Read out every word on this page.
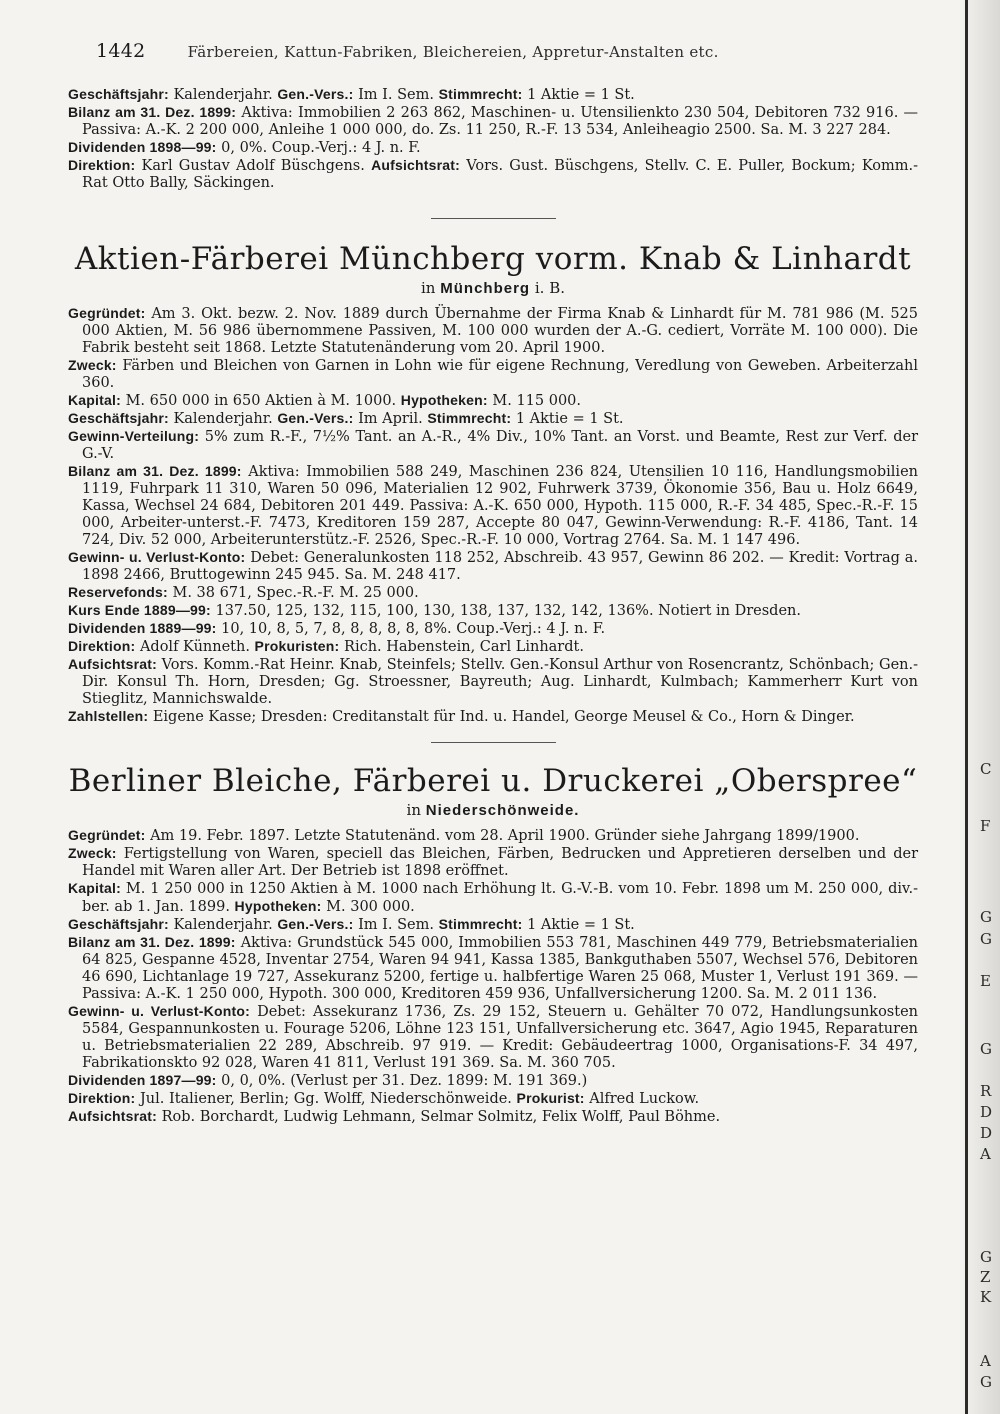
C
F
G
G
E
G
R
D
D
A
G
Z
K
A
G
1442	Färbereien, Kattun-Fabriken, Bleichereien, Appretur-Anstalten etc.

Geschäftsjahr: Kalenderjahr. Gen.-Vers.: Im I. Sem. Stimmrecht: 1 Aktie = 1 St.

Bilanz am 31. Dez. 1899: Aktiva: Immobilien 2 263 862, Maschinen- u. Utensilienkto 230 504, Debitoren 732 916. — Passiva: A.-K. 2 200 000, Anleihe 1 000 000, do. Zs. 11 250, R.-F. 13 534, Anleiheagio 2500. Sa. M. 3 227 284.

Dividenden 1898—99: 0, 0%. Coup.-Verj.: 4 J. n. F.

Direktion: Karl Gustav Adolf Büschgens. Aufsichtsrat: Vors. Gust. Büschgens, Stellv. C. E. Puller, Bockum; Komm.-Rat Otto Bally, Säckingen.

Aktien-Färberei Münchberg vorm. Knab & Linhardt
in Münchberg i. B.

Gegründet: Am 3. Okt. bezw. 2. Nov. 1889 durch Übernahme der Firma Knab & Linhardt für M. 781 986 (M. 525 000 Aktien, M. 56 986 übernommene Passiven, M. 100 000 wurden der A.-G. cediert, Vorräte M. 100 000). Die Fabrik besteht seit 1868. Letzte Statutenänderung vom 20. April 1900.

Zweck: Färben und Bleichen von Garnen in Lohn wie für eigene Rechnung, Veredlung von Geweben. Arbeiterzahl 360.

Kapital: M. 650 000 in 650 Aktien à M. 1000. Hypotheken: M. 115 000.

Geschäftsjahr: Kalenderjahr. Gen.-Vers.: Im April. Stimmrecht: 1 Aktie = 1 St.

Gewinn-Verteilung: 5% zum R.-F., 7½% Tant. an A.-R., 4% Div., 10% Tant. an Vorst. und Beamte, Rest zur Verf. der G.-V.

Bilanz am 31. Dez. 1899: Aktiva: Immobilien 588 249, Maschinen 236 824, Utensilien 10 116, Handlungsmobilien 1119, Fuhrpark 11 310, Waren 50 096, Materialien 12 902, Fuhrwerk 3739, Ökonomie 356, Bau u. Holz 6649, Kassa, Wechsel 24 684, Debitoren 201 449. Passiva: A.-K. 650 000, Hypoth. 115 000, R.-F. 34 485, Spec.-R.-F. 15 000, Arbeiter-unterst.-F. 7473, Kreditoren 159 287, Accepte 80 047, Gewinn-Verwendung: R.-F. 4186, Tant. 14 724, Div. 52 000, Arbeiterunterstütz.-F. 2526, Spec.-R.-F. 10 000, Vortrag 2764. Sa. M. 1 147 496.

Gewinn- u. Verlust-Konto: Debet: Generalunkosten 118 252, Abschreib. 43 957, Gewinn 86 202. — Kredit: Vortrag a. 1898 2466, Bruttogewinn 245 945. Sa. M. 248 417.

Reservefonds: M. 38 671, Spec.-R.-F. M. 25 000.

Kurs Ende 1889—99: 137.50, 125, 132, 115, 100, 130, 138, 137, 132, 142, 136%. Notiert in Dresden.

Dividenden 1889—99: 10, 10, 8, 5, 7, 8, 8, 8, 8, 8, 8%. Coup.-Verj.: 4 J. n. F.

Direktion: Adolf Künneth. Prokuristen: Rich. Habenstein, Carl Linhardt.

Aufsichtsrat: Vors. Komm.-Rat Heinr. Knab, Steinfels; Stellv. Gen.-Konsul Arthur von Rosencrantz, Schönbach; Gen.-Dir. Konsul Th. Horn, Dresden; Gg. Stroessner, Bayreuth; Aug. Linhardt, Kulmbach; Kammerherr Kurt von Stieglitz, Mannichswalde.

Zahlstellen: Eigene Kasse; Dresden: Creditanstalt für Ind. u. Handel, George Meusel & Co., Horn & Dinger.

Berliner Bleiche, Färberei u. Druckerei „Oberspree“
in Niederschönweide.

Gegründet: Am 19. Febr. 1897. Letzte Statutenänd. vom 28. April 1900. Gründer siehe Jahrgang 1899/1900.

Zweck: Fertigstellung von Waren, speciell das Bleichen, Färben, Bedrucken und Appretieren derselben und der Handel mit Waren aller Art. Der Betrieb ist 1898 eröffnet.

Kapital: M. 1 250 000 in 1250 Aktien à M. 1000 nach Erhöhung lt. G.-V.-B. vom 10. Febr. 1898 um M. 250 000, div.-ber. ab 1. Jan. 1899. Hypotheken: M. 300 000.

Geschäftsjahr: Kalenderjahr. Gen.-Vers.: Im I. Sem. Stimmrecht: 1 Aktie = 1 St.

Bilanz am 31. Dez. 1899: Aktiva: Grundstück 545 000, Immobilien 553 781, Maschinen 449 779, Betriebsmaterialien 64 825, Gespanne 4528, Inventar 2754, Waren 94 941, Kassa 1385, Bankguthaben 5507, Wechsel 576, Debitoren 46 690, Lichtanlage 19 727, Assekuranz 5200, fertige u. halbfertige Waren 25 068, Muster 1, Verlust 191 369. — Passiva: A.-K. 1 250 000, Hypoth. 300 000, Kreditoren 459 936, Unfallversicherung 1200. Sa. M. 2 011 136.

Gewinn- u. Verlust-Konto: Debet: Assekuranz 1736, Zs. 29 152, Steuern u. Gehälter 70 072, Handlungsunkosten 5584, Gespannunkosten u. Fourage 5206, Löhne 123 151, Unfallversicherung etc. 3647, Agio 1945, Reparaturen u. Betriebsmaterialien 22 289, Abschreib. 97 919. — Kredit: Gebäudeertrag 1000, Organisations-F. 34 497, Fabrikationskto 92 028, Waren 41 811, Verlust 191 369. Sa. M. 360 705.

Dividenden 1897—99: 0, 0, 0%. (Verlust per 31. Dez. 1899: M. 191 369.)

Direktion: Jul. Italiener, Berlin; Gg. Wolff, Niederschönweide. Prokurist: Alfred Luckow.

Aufsichtsrat: Rob. Borchardt, Ludwig Lehmann, Selmar Solmitz, Felix Wolff, Paul Böhme.
